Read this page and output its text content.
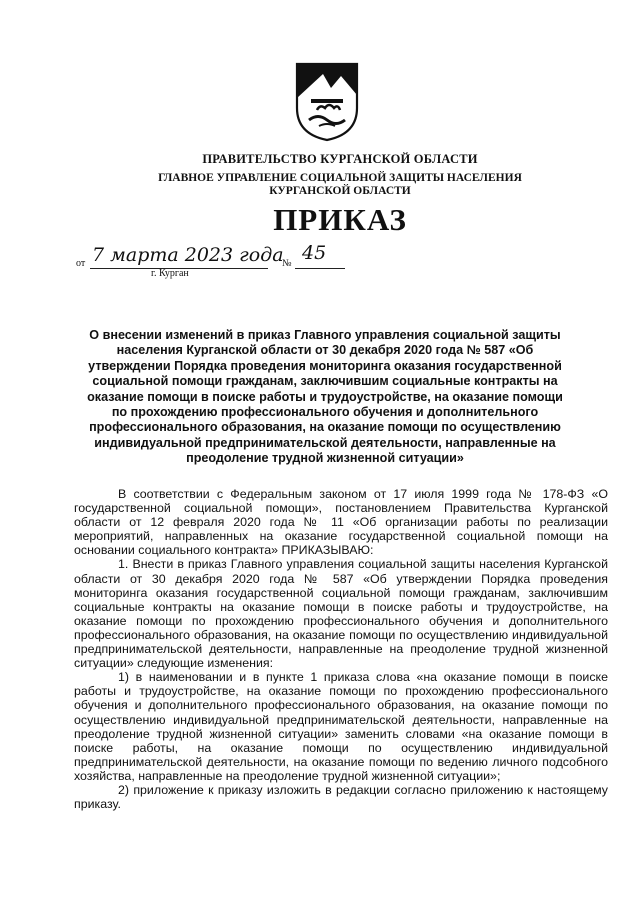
ПРАВИТЕЛЬСТВО КУРГАНСКОЙ ОБЛАСТИ
ГЛАВНОЕ УПРАВЛЕНИЕ СОЦИАЛЬНОЙ ЗАЩИТЫ НАСЕЛЕНИЯ
КУРГАНСКОЙ ОБЛАСТИ
ПРИКАЗ
от 7 марта 2023 года
№ 45
г. Курган
О внесении изменений в приказ Главного управления социальной защиты населения Курганской области от 30 декабря 2020 года № 587 «Об утверждении Порядка проведения мониторинга оказания государственной социальной помощи гражданам, заключившим социальные контракты на оказание помощи в поиске работы и трудоустройстве, на оказание помощи по прохождению профессионального обучения и дополнительного профессионального образования, на оказание помощи по осуществлению индивидуальной предпринимательской деятельности, направленные на преодоление трудной жизненной ситуации»

В соответствии с Федеральным законом от 17 июля 1999 года № 178-ФЗ «О государственной социальной помощи», постановлением Правительства Курганской области от 12 февраля 2020 года № 11 «Об организации работы по реализации мероприятий, направленных на оказание государственной социальной помощи на основании социального контракта» ПРИКАЗЫВАЮ:

1. Внести в приказ Главного управления социальной защиты населения Курганской области от 30 декабря 2020 года № 587 «Об утверждении Порядка проведения мониторинга оказания государственной социальной помощи гражданам, заключившим социальные контракты на оказание помощи в поиске работы и трудоустройстве, на оказание помощи по прохождению профессионального обучения и дополнительного профессионального образования, на оказание помощи по осуществлению индивидуальной предпринимательской деятельности, направленные на преодоление трудной жизненной ситуации» следующие изменения:

1) в наименовании и в пункте 1 приказа слова «на оказание помощи в поиске работы и трудоустройстве, на оказание помощи по прохождению профессионального обучения и дополнительного профессионального образования, на оказание помощи по осуществлению индивидуальной предпринимательской деятельности, направленные на преодоление трудной жизненной ситуации» заменить словами «на оказание помощи в поиске работы, на оказание помощи по осуществлению индивидуальной предпринимательской деятельности, на оказание помощи по ведению личного подсобного хозяйства, направленные на преодоление трудной жизненной ситуации»;

2) приложение к приказу изложить в редакции согласно приложению к настоящему приказу.
